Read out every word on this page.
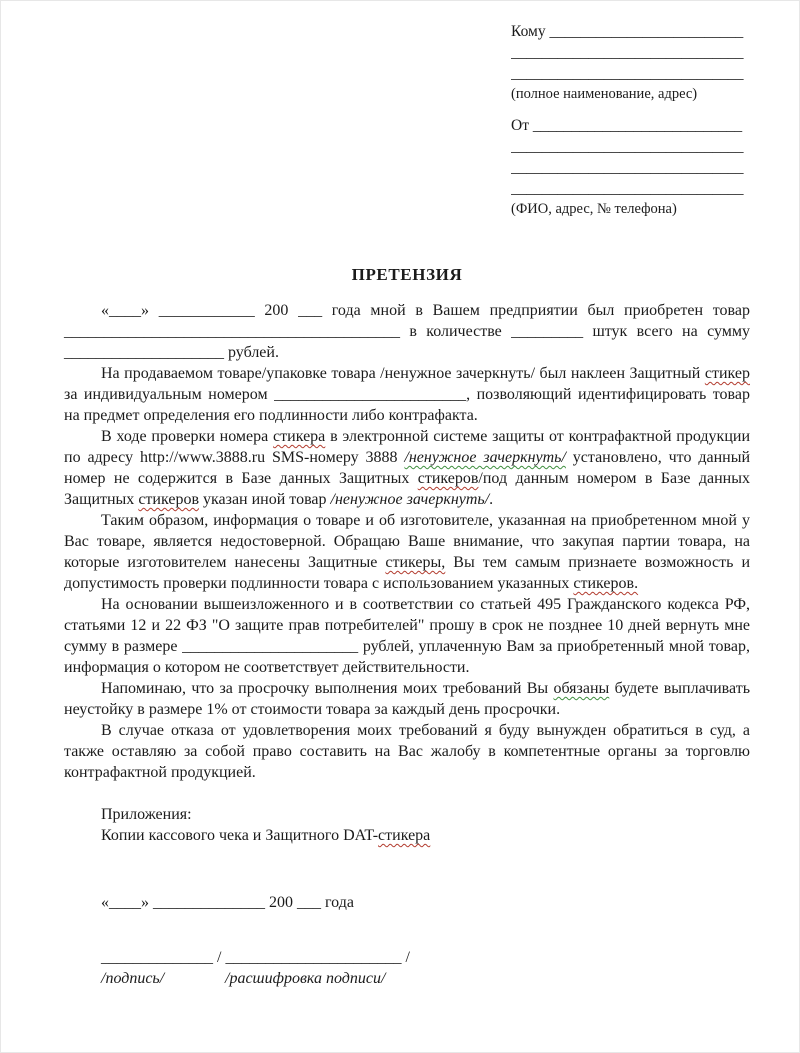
Кому _________________________
______________________________
______________________________
(полное наименование, адрес)
От ___________________________
______________________________
______________________________
______________________________
(ФИО, адрес, № телефона)
ПРЕТЕНЗИЯ

«____» ____________ 200 ___ года мной в Вашем предприятии был приобретен товар __________________________________________ в количестве _________ штук всего на сумму ____________________ рублей.

На продаваемом товаре/упаковке товара /ненужное зачеркнуть/ был наклеен Защитный стикер за индивидуальным номером ________________________, позволяющий идентифицировать товар на предмет определения его подлинности либо контрафакта.

В ходе проверки номера стикера в электронной системе защиты от контрафактной продукции по адресу http://www.3888.ru SMS-номеру 3888 /ненужное зачеркнуть/ установлено, что данный номер не содержится в Базе данных Защитных стикеров/под данным номером в Базе данных Защитных стикеров указан иной товар /ненужное зачеркнуть/.

Таким образом, информация о товаре и об изготовителе, указанная на приобретенном мной у Вас товаре, является недостоверной. Обращаю Ваше внимание, что закупая партии товара, на которые изготовителем нанесены Защитные стикеры, Вы тем самым признаете возможность и допустимость проверки подлинности товара с использованием указанных стикеров.

На основании вышеизложенного и в соответствии со статьей 495 Гражданского кодекса РФ, статьями 12 и 22 ФЗ "О защите прав потребителей" прошу в срок не позднее 10 дней вернуть мне сумму в размере ______________________ рублей, уплаченную Вам за приобретенный мной товар, информация о котором не соответствует действительности.

Напоминаю, что за просрочку выполнения моих требований Вы обязаны будете выплачивать неустойку в размере 1% от стоимости товара за каждый день просрочки.

В случае отказа от удовлетворения моих требований я буду вынужден обратиться в суд, а также оставляю за собой право составить на Вас жалобу в компетентные органы за торговлю контрафактной продукцией.

Приложения:

Копии кассового чека и Защитного DAT-стикера

«____» ______________ 200 ___ года

______________ / ______________________ /

/подпись/	/расшифровка подписи/
